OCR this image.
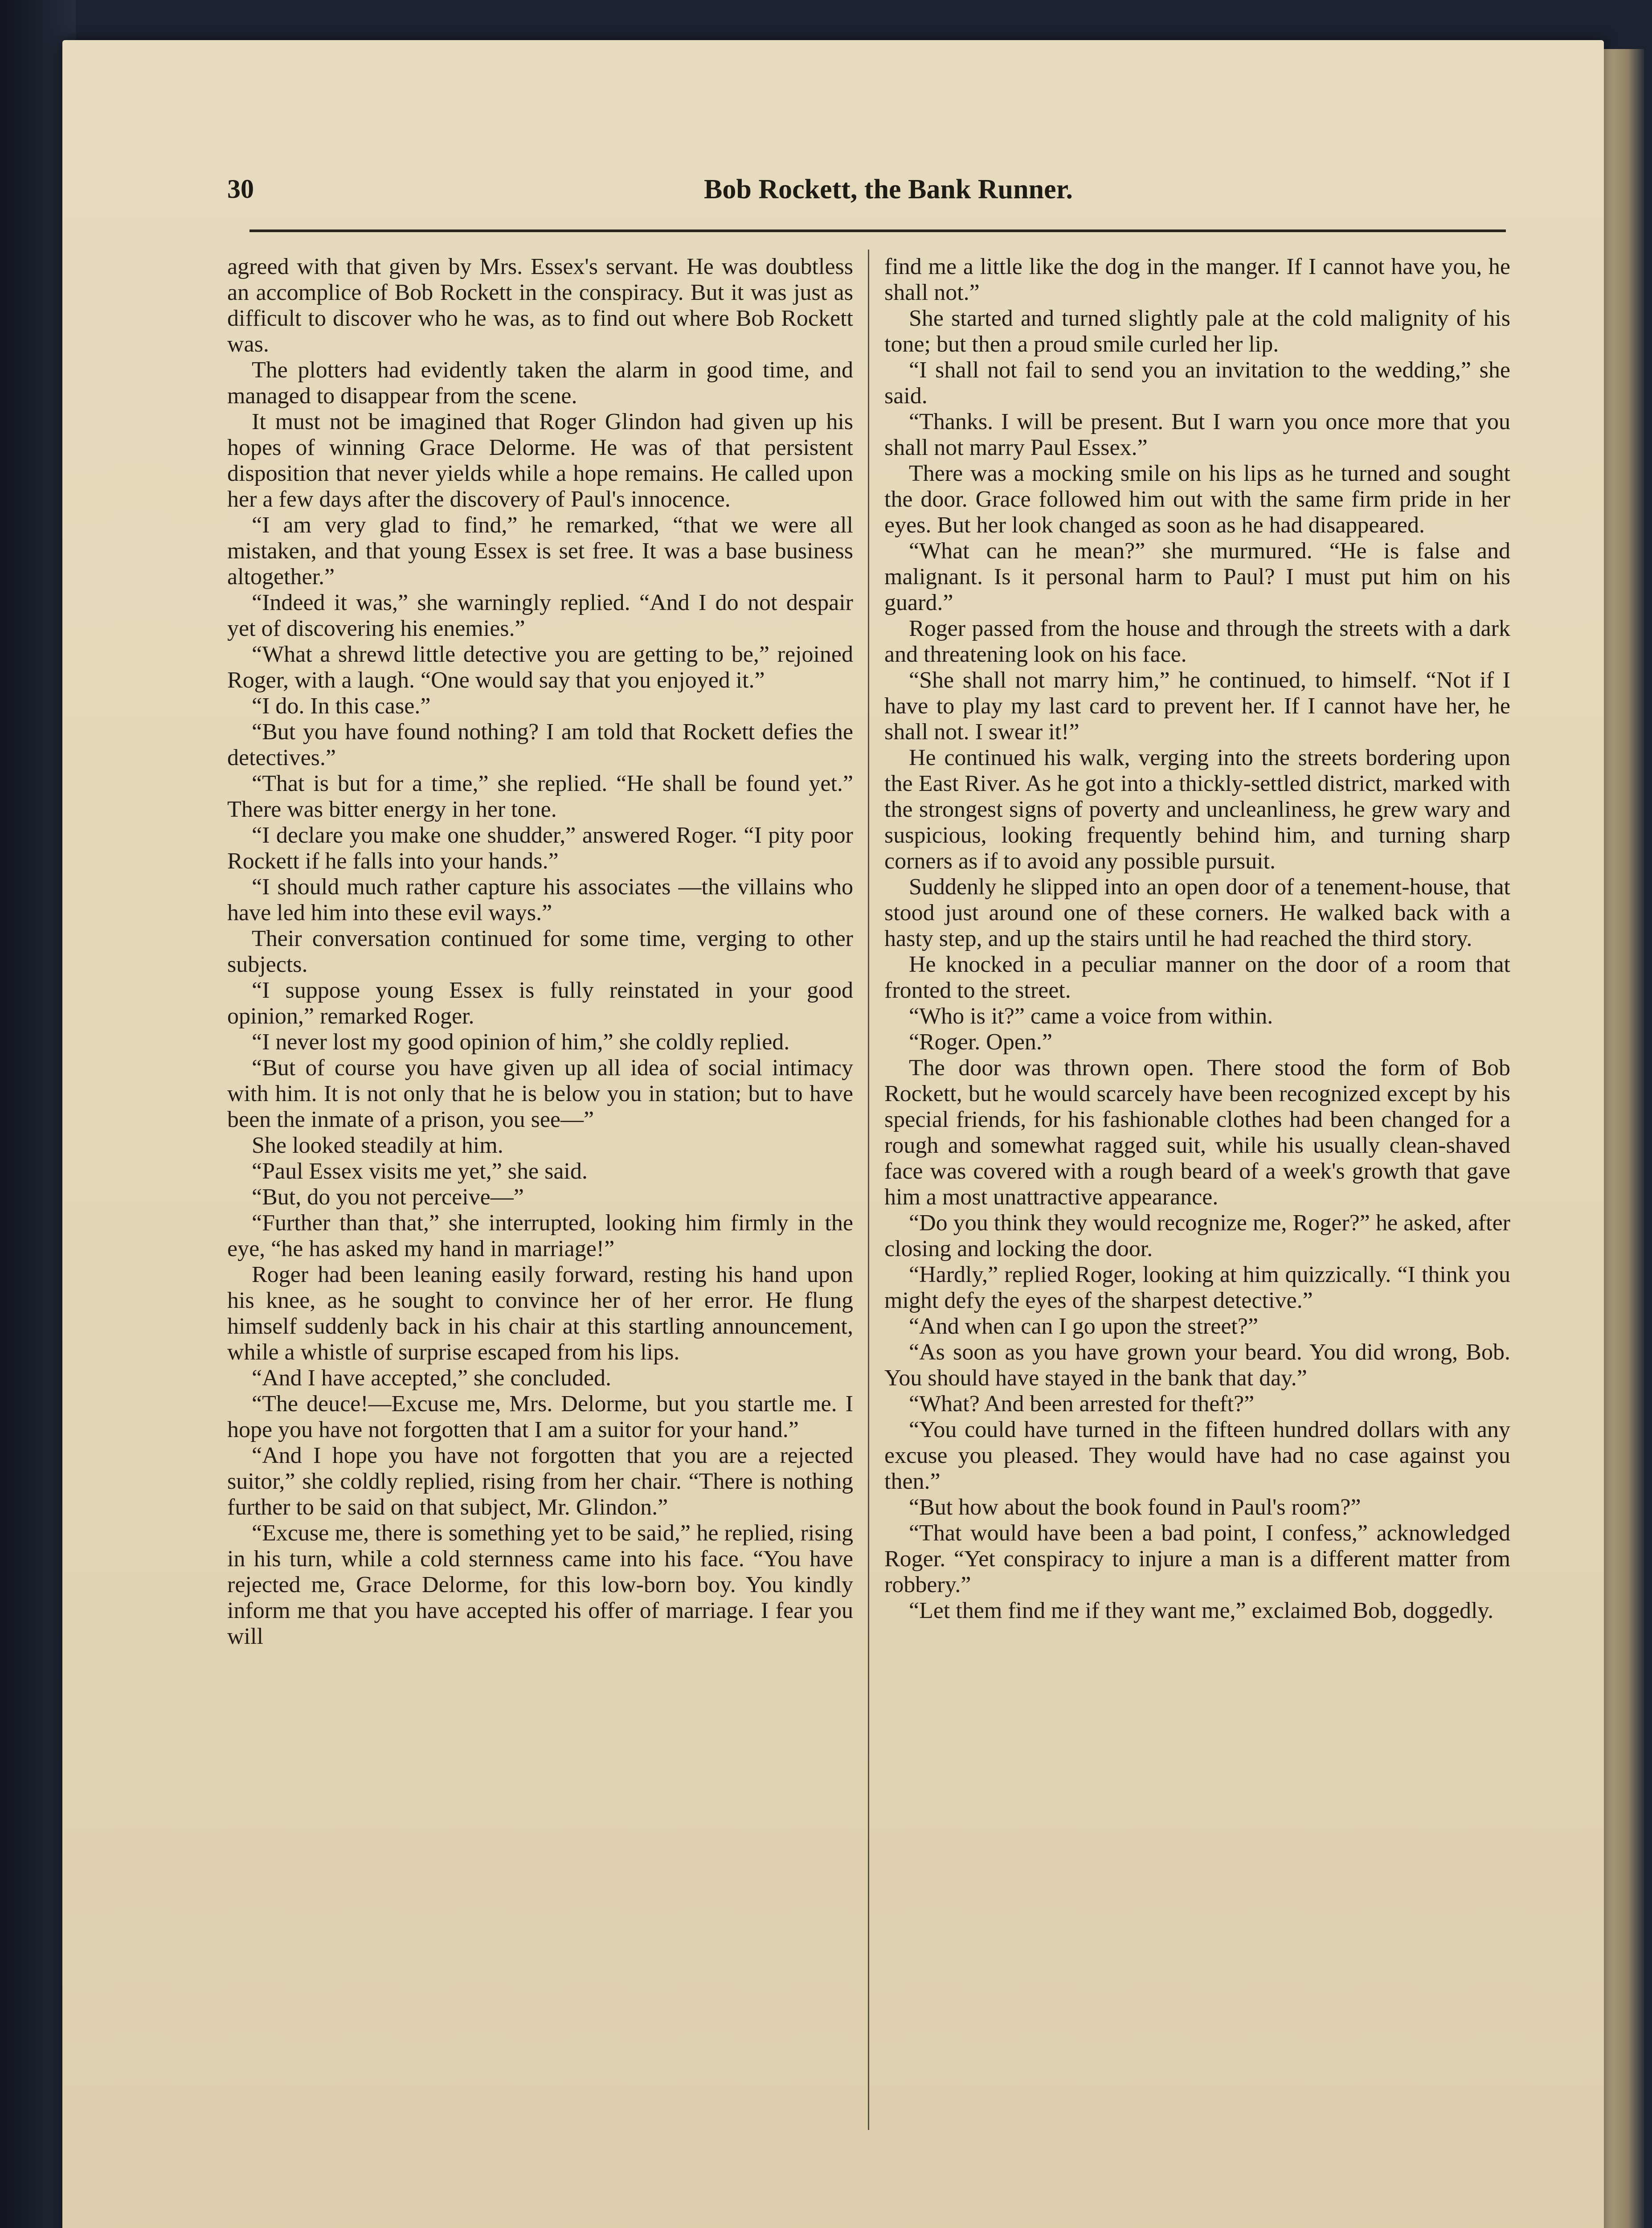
30	Bob Rockett, the Bank Runner.

agreed with that given by Mrs. Essex's servant. He was doubtless an accomplice of Bob Rockett in the conspiracy. But it was just as difficult to discover who he was, as to find out where Bob Rockett was.

The plotters had evidently taken the alarm in good time, and managed to disappear from the scene.

It must not be imagined that Roger Glindon had given up his hopes of winning Grace Delorme. He was of that persistent disposition that never yields while a hope remains. He called upon her a few days after the discovery of Paul's innocence.

“I am very glad to find,” he remarked, “that we were all mistaken, and that young Essex is set free. It was a base business altogether.”

“Indeed it was,” she warningly replied. “And I do not despair yet of discovering his enemies.”

“What a shrewd little detective you are getting to be,” rejoined Roger, with a laugh. “One would say that you enjoyed it.”

“I do. In this case.”

“But you have found nothing? I am told that Rockett defies the detectives.”

“That is but for a time,” she replied. “He shall be found yet.” There was bitter energy in her tone.

“I declare you make one shudder,” answered Roger. “I pity poor Rockett if he falls into your hands.”

“I should much rather capture his associates —the villains who have led him into these evil ways.”

Their conversation continued for some time, verging to other subjects.

“I suppose young Essex is fully reinstated in your good opinion,” remarked Roger.

“I never lost my good opinion of him,” she coldly replied.

“But of course you have given up all idea of social intimacy with him. It is not only that he is below you in station; but to have been the inmate of a prison, you see—”

She looked steadily at him.

“Paul Essex visits me yet,” she said.

“But, do you not perceive—”

“Further than that,” she interrupted, looking him firmly in the eye, “he has asked my hand in marriage!”

Roger had been leaning easily forward, resting his hand upon his knee, as he sought to convince her of her error. He flung himself suddenly back in his chair at this startling announcement, while a whistle of surprise escaped from his lips.

“And I have accepted,” she concluded.

“The deuce!—Excuse me, Mrs. Delorme, but you startle me. I hope you have not forgotten that I am a suitor for your hand.”

“And I hope you have not forgotten that you are a rejected suitor,” she coldly replied, rising from her chair. “There is nothing further to be said on that subject, Mr. Glindon.”

“Excuse me, there is something yet to be said,” he replied, rising in his turn, while a cold sternness came into his face. “You have rejected me, Grace Delorme, for this low-born boy. You kindly inform me that you have accepted his offer of marriage. I fear you will

find me a little like the dog in the manger. If I cannot have you, he shall not.”

She started and turned slightly pale at the cold malignity of his tone; but then a proud smile curled her lip.

“I shall not fail to send you an invitation to the wedding,” she said.

“Thanks. I will be present. But I warn you once more that you shall not marry Paul Essex.”

There was a mocking smile on his lips as he turned and sought the door. Grace followed him out with the same firm pride in her eyes. But her look changed as soon as he had disappeared.

“What can he mean?” she murmured. “He is false and malignant. Is it personal harm to Paul? I must put him on his guard.”

Roger passed from the house and through the streets with a dark and threatening look on his face.

“She shall not marry him,” he continued, to himself. “Not if I have to play my last card to prevent her. If I cannot have her, he shall not. I swear it!”

He continued his walk, verging into the streets bordering upon the East River. As he got into a thickly-settled district, marked with the strongest signs of poverty and uncleanliness, he grew wary and suspicious, looking frequently behind him, and turning sharp corners as if to avoid any possible pursuit.

Suddenly he slipped into an open door of a tenement-house, that stood just around one of these corners. He walked back with a hasty step, and up the stairs until he had reached the third story.

He knocked in a peculiar manner on the door of a room that fronted to the street.

“Who is it?” came a voice from within.

“Roger. Open.”

The door was thrown open. There stood the form of Bob Rockett, but he would scarcely have been recognized except by his special friends, for his fashionable clothes had been changed for a rough and somewhat ragged suit, while his usually clean-shaved face was covered with a rough beard of a week's growth that gave him a most unattractive appearance.

“Do you think they would recognize me, Roger?” he asked, after closing and locking the door.

“Hardly,” replied Roger, looking at him quizzically. “I think you might defy the eyes of the sharpest detective.”

“And when can I go upon the street?”

“As soon as you have grown your beard. You did wrong, Bob. You should have stayed in the bank that day.”

“What? And been arrested for theft?”

“You could have turned in the fifteen hundred dollars with any excuse you pleased. They would have had no case against you then.”

“But how about the book found in Paul's room?”

“That would have been a bad point, I confess,” acknowledged Roger. “Yet conspiracy to injure a man is a different matter from robbery.”

“Let them find me if they want me,” exclaimed Bob, doggedly.
